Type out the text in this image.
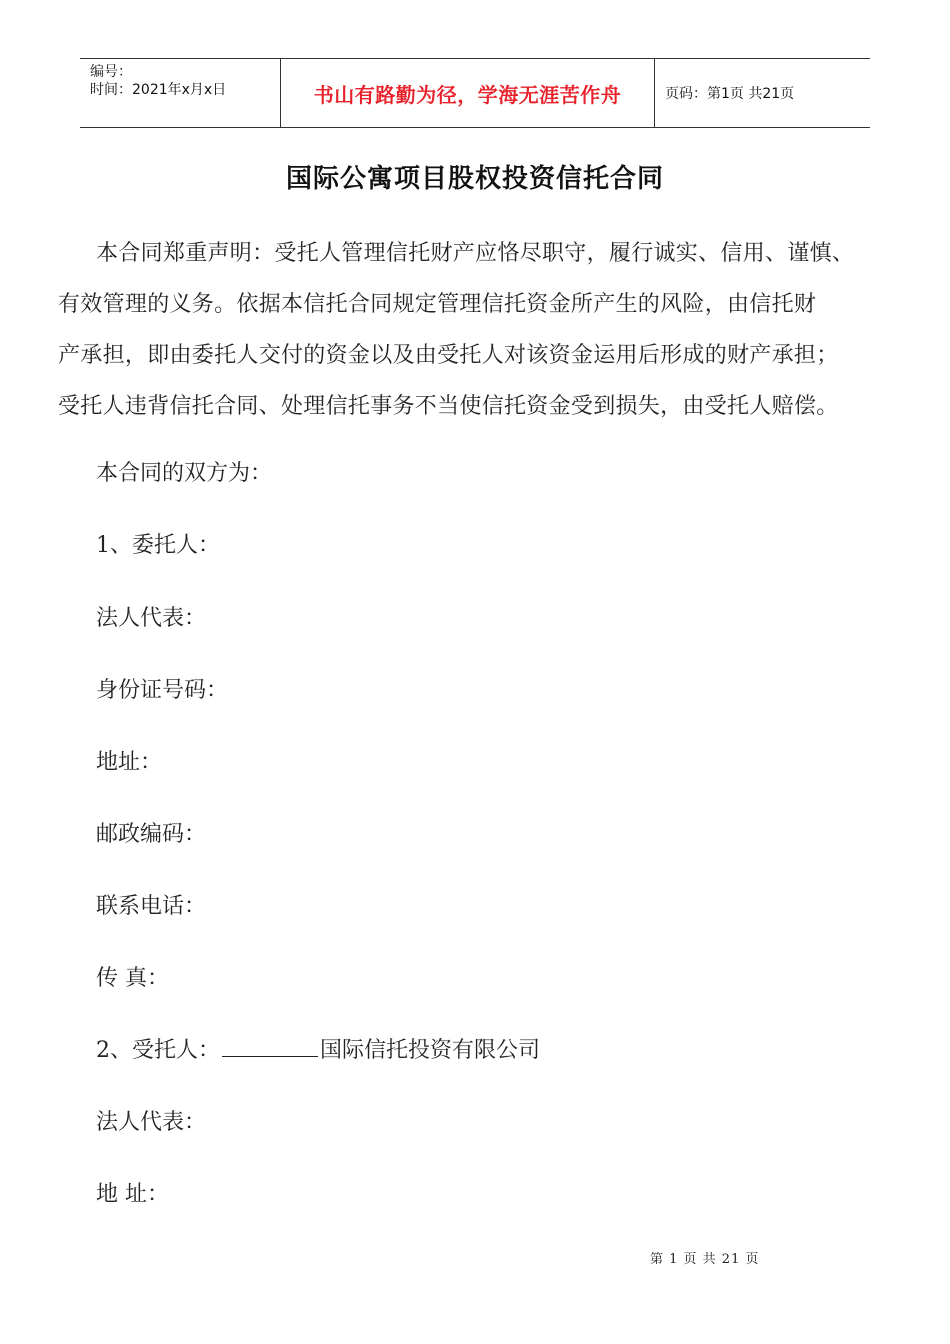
编号：
时间：2021年x月x日	书山有路勤为径，学海无涯苦作舟	页码：第1页 共21页
国际公寓项目股权投资信托合同
本合同郑重声明：受托人管理信托财产应恪尽职守，履行诚实、信用、谨慎、
有效管理的义务。依据本信托合同规定管理信托资金所产生的风险，由信托财
产承担，即由委托人交付的资金以及由受托人对该资金运用后形成的财产承担；
受托人违背信托合同、处理信托事务不当使信托资金受到损失，由受托人赔偿。
本合同的双方为：
1、委托人：
法人代表：
身份证号码：
地址：
邮政编码：
联系电话：
传 真：
2、受托人：	国际信托投资有限公司
法人代表：
地 址：
第 1 页 共 21 页
